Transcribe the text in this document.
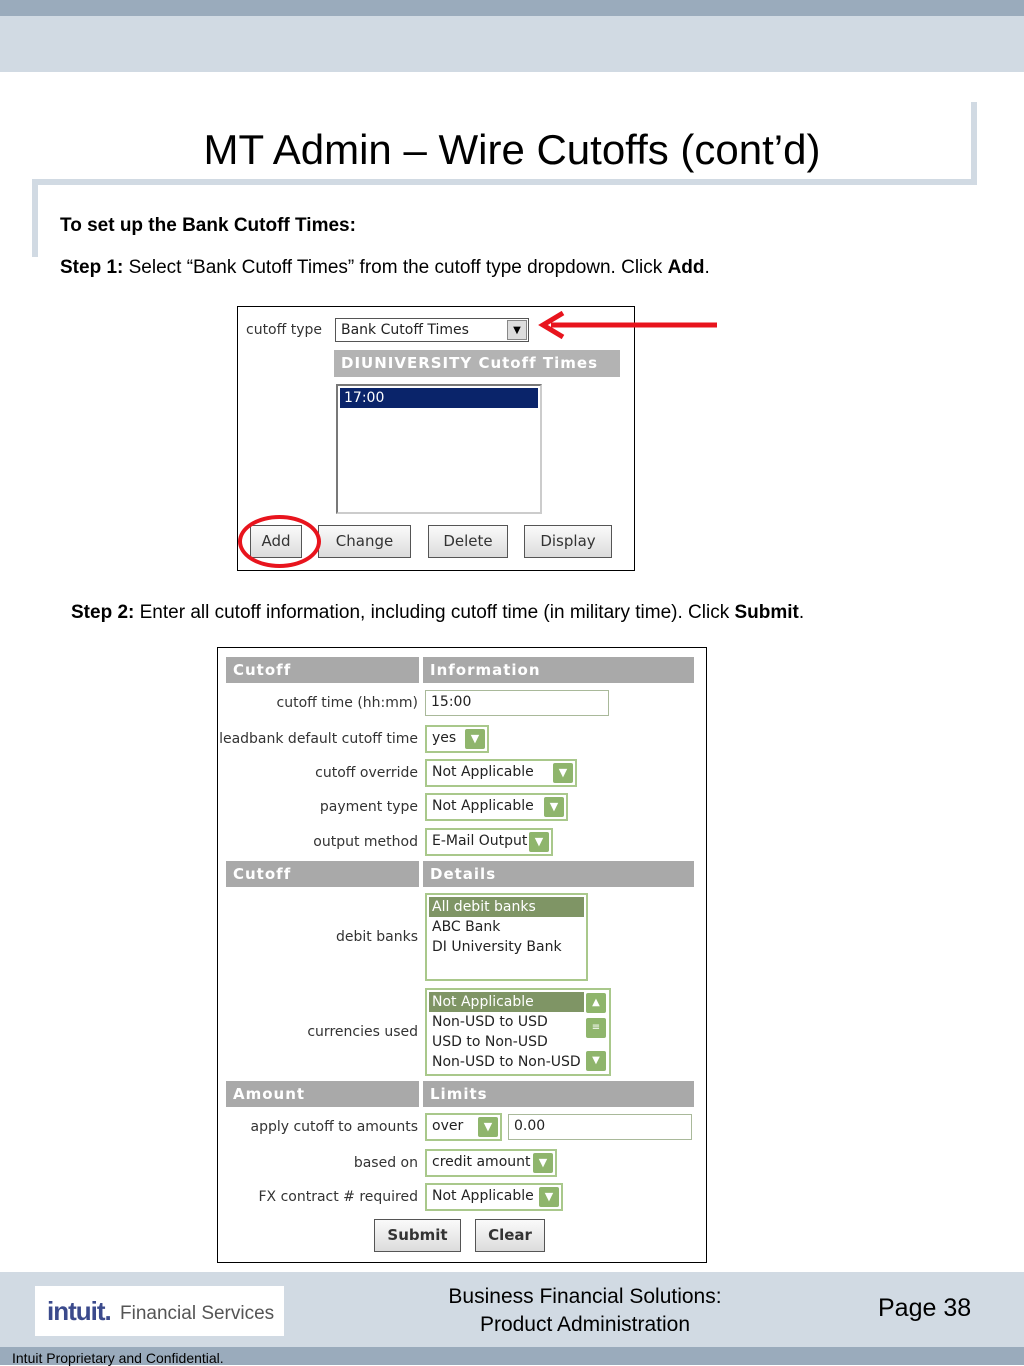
MT Admin – Wire Cutoffs (cont’d)
To set up the Bank Cutoff Times:
Step 1: Select “Bank Cutoff Times” from the cutoff type dropdown. Click Add.
cutoff type Bank Cutoff Times	▼
DIUNIVERSITY Cutoff Times
17:00
Add	Change	Delete	Display
Step 2: Enter all cutoff information, including cutoff time (in military time). Click Submit.
Cutoff	Information
cutoff time (hh:mm) 15:00
leadbank default cutoff time yes	▼
cutoff override Not Applicable	▼
payment type Not Applicable	▼
output method E-Mail Output ▼
Cutoff	Details
debit banks
All debit banks
ABC Bank
DI University Bank
currencies used
Not Applicable
Non-USD to USD
USD to Non-USD
Non-USD to Non-USD
▲
≡
▼
Amount	Limits
apply cutoff to amounts over	▼	0.00
based on credit amount ▼
FX contract # required Not Applicable ▼
Submit	Clear
intuit. Financial Services
Business Financial Solutions:
Product Administration
Page 38
Intuit Proprietary and Confidential.
